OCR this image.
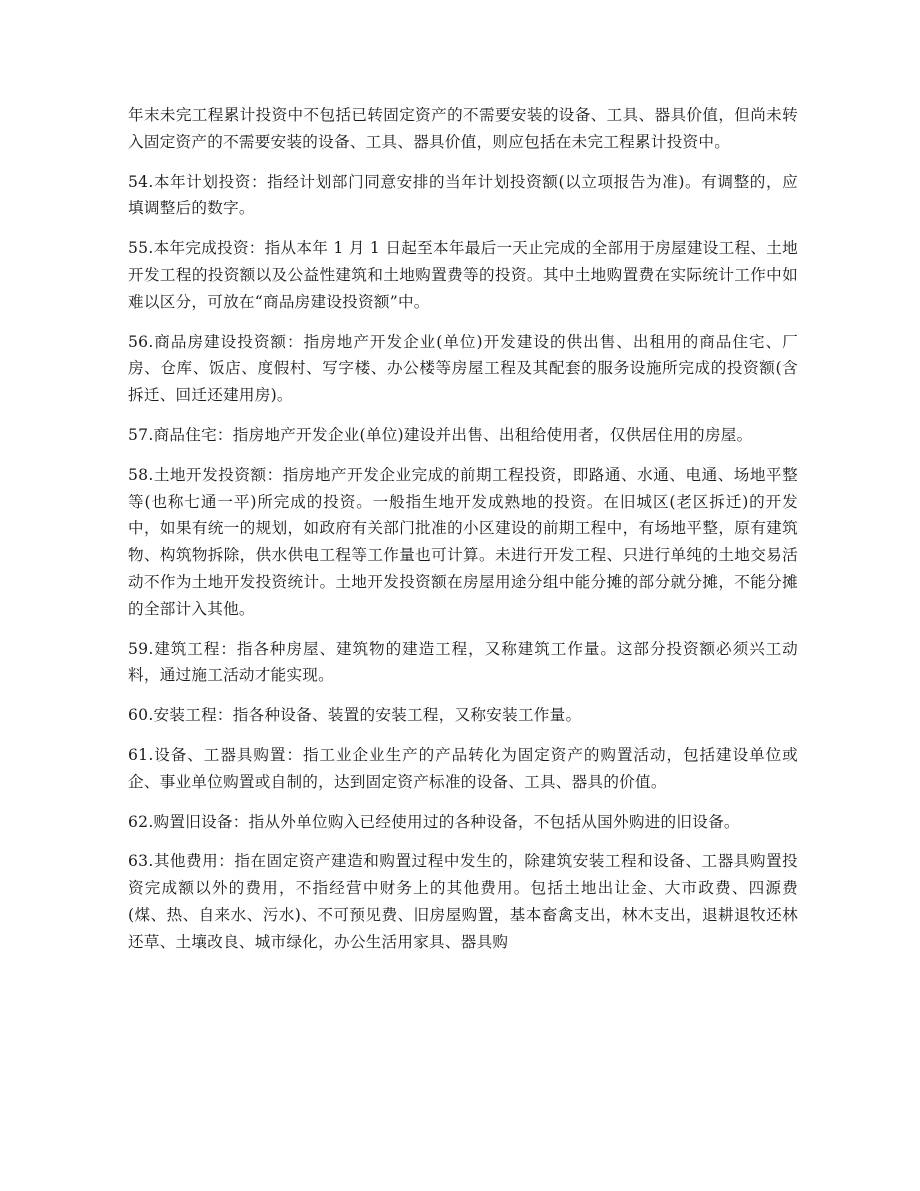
年末未完工程累计投资中不包括已转固定资产的不需要安装的设备、工具、器具价值，但尚未转入固定资产的不需要安装的设备、工具、器具价值，则应包括在未完工程累计投资中。

54.本年计划投资：指经计划部门同意安排的当年计划投资额(以立项报告为准)。有调整的，应填调整后的数字。

55.本年完成投资：指从本年 1 月 1 日起至本年最后一天止完成的全部用于房屋建设工程、土地开发工程的投资额以及公益性建筑和土地购置费等的投资。其中土地购置费在实际统计工作中如难以区分，可放在“商品房建设投资额”中。

56.商品房建设投资额：指房地产开发企业(单位)开发建设的供出售、出租用的商品住宅、厂房、仓库、饭店、度假村、写字楼、办公楼等房屋工程及其配套的服务设施所完成的投资额(含拆迁、回迁还建用房)。

57.商品住宅：指房地产开发企业(单位)建设并出售、出租给使用者，仅供居住用的房屋。

58.土地开发投资额：指房地产开发企业完成的前期工程投资，即路通、水通、电通、场地平整等(也称七通一平)所完成的投资。一般指生地开发成熟地的投资。在旧城区(老区拆迁)的开发中，如果有统一的规划，如政府有关部门批准的小区建设的前期工程中，有场地平整，原有建筑物、构筑物拆除，供水供电工程等工作量也可计算。未进行开发工程、只进行单纯的土地交易活动不作为土地开发投资统计。土地开发投资额在房屋用途分组中能分摊的部分就分摊，不能分摊的全部计入其他。

59.建筑工程：指各种房屋、建筑物的建造工程，又称建筑工作量。这部分投资额必须兴工动料，通过施工活动才能实现。

60.安装工程：指各种设备、装置的安装工程，又称安装工作量。

61.设备、工器具购置：指工业企业生产的产品转化为固定资产的购置活动，包括建设单位或企、事业单位购置或自制的，达到固定资产标准的设备、工具、器具的价值。

62.购置旧设备：指从外单位购入已经使用过的各种设备，不包括从国外购进的旧设备。

63.其他费用：指在固定资产建造和购置过程中发生的，除建筑安装工程和设备、工器具购置投资完成额以外的费用，不指经营中财务上的其他费用。包括土地出让金、大市政费、四源费(煤、热、自来水、污水)、不可预见费、旧房屋购置，基本畜禽支出，林木支出，退耕退牧还林还草、土壤改良、城市绿化，办公生活用家具、器具购
